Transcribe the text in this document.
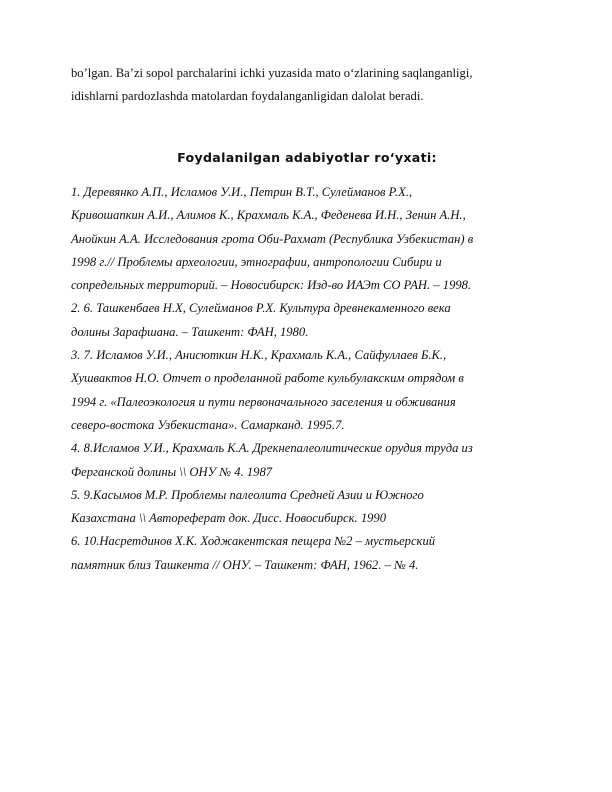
bo’lgan. Ba’zi sopol parchalarini ichki yuzasida mato o‘zlarining saqlanganligi,
idishlarni pardozlashda matolardan foydalanganligidan dalolat beradi.

Foydalanilgan adabiyotlar ro‘yxati:
1. Деревянко А.П., Исламов У.И., Петрин В.Т., Сулейманов Р.Х.,
Кривошапкин А.И., Алимов К., Крахмаль К.А., Феденева И.Н., Зенин А.Н.,
Анойкин А.А. Исследования грота Оби-Рахмат (Республика Узбекистан) в
1998 г.// Проблемы археологии, этнографии, антропологии Сибири и
сопредельных территорий. – Новосибирск: Изд-во ИАЭт СО РАН. – 1998.
2. 6. Ташкенбаев Н.Х, Сулейманов Р.Х. Культура древнекаменного века
долины Зарафшана. – Ташкент: ФАН, 1980.
3. 7. Исламов У.И., Анисюткин Н.К., Крахмаль К.А., Сайфуллаев Б.К.,
Хушвактов Н.О. Отчет о проделанной работе кульбулакским отрядом в
1994 г. «Палеоэкология и пути первоначального заселения и обживания
северо-востока Узбекистана». Самарканд. 1995.7.
4. 8.Исламов У.И., Крахмаль К.А. Дрекнепалеолитические орудия труда из
Ферганской долины \\ ОНУ № 4. 1987
5. 9.Касымов М.Р. Проблемы палеолита Средней Азии и Южного
Казахстана \\ Автореферат док. Дисс. Новосибирск. 1990
6. 10.Насретдинов Х.К. Ходжакентская пещера №2 – мустьерский
памятник близ Ташкента // ОНУ. – Ташкент: ФАН, 1962. – № 4.
